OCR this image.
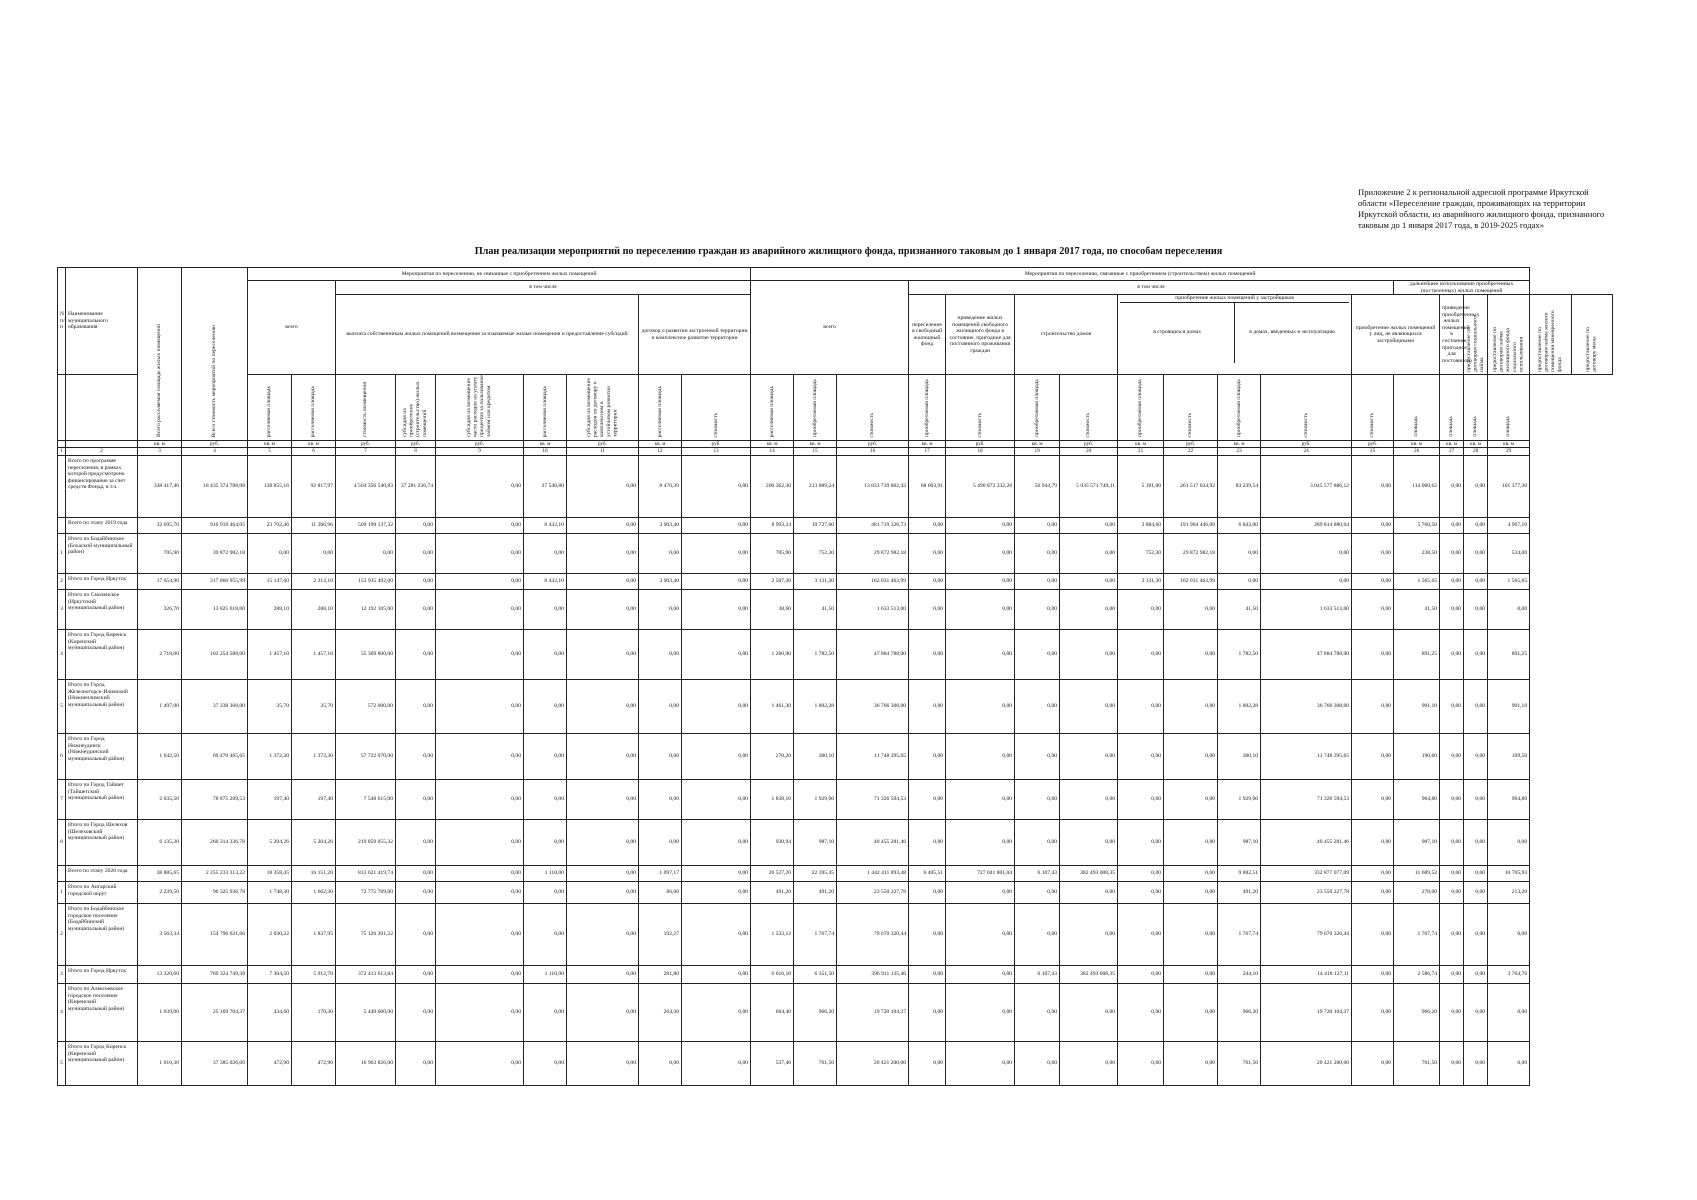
Приложение 2 к региональной адресной программе Иркутской области «Переселение граждан, проживающих на территории Иркутской области, из аварийного жилищного фонда, признанного таковым до 1 января 2017 года, в 2019-2025 годах»
План реализации мероприятий по переселению граждан из аварийного жилищного фонда, признанного таковым до 1 января 2017 года, по способам переселения
N п/п	Наименование муниципального образования	Всего расселяемая площадь жилых помещений	Всего стоимость мероприятий по переселению	Мероприятия по переселению, не связанные с приобретением жилых помещений									Мероприятия по переселению, связанные с приобретением (строительством) жилых помещений																	
				всего		в том числе							всего			в том числе									дальнейшее использование приобретенных (построенных) жилых помещений					
						выплата собственникам жилых помещений возмещения за изымаемые жилые помещения и предоставление субсидий					договор о развитии застроенной территории и комплексное развитие территории					переселение в свободный жилищный фонд	приведение жилых помещений свободного жилищного фонда в состояние, пригодное для постоянного проживания граждан	строительство домов		приобретение жилых помещений у застройщиков
в строящихся домах в домах, введенных в эксплуатацию				приобретение жилых помещений у лиц, не являющихся застройщиками		приведение приобретенных жилых помещений в состояние, пригодное для постоянного	предоставление по договорам социального найма	предоставление по договорам найма жилищного фонда социального использования	предоставление по договорам найма жилого помещения маневренного фонда	предоставление по договору мены
				расселяемая площадь	расселяемая площадь	стоимость возмещения	субсидия на приобретение (строительство) жилых помещений	субсидия на возмещение части расходов на уплату процентов за пользование займом или кредитом	расселяемая площадь	субсидия на возмещение расходов по договору о комплексном и устойчивом развитии территории	расселяемая площадь	стоимость	расселяемая площадь	приобретаемая площадь	стоимость	приобретаемая площадь	стоимость	приобретаемая площадь	стоимость	приобретаемая площадь	стоимость	приобретаемая площадь	стоимость	стоимость	площадь	площадь	площадь	площадь		
		кв. м	руб.	кв. м	кв. м	руб.	руб.	руб.	кв. м	руб.	кв. м	руб.	кв. м	кв. м	руб.	кв. м	руб.	кв. м	руб.	кв. м	руб.	кв. м	руб.	руб.	кв. м	кв. м	кв. м	кв. м		
1	2	3	4	5	6	7	8	9	10	11	12	13	14	15	16	17	18	19	20	21	22	23	24	25	26	27	28	29		
	Всего по программе переселения, в рамках которой предусмотрено финансирование за счет средств Фонда, в т.ч.	338 417,46	18 435 374 788,08	138 855,16	92 817,97	4 564 356 540,83	37 281 236,74	0,00	37 540,80	0,00	8 476,39	0,00	200 362,30	213 889,24	13 833 739 802,43	68 603,91	5 490 872 332,28	56 944,79	5 035 571 749,11	5 101,00	261 517 034,92	83 239,54	3 045 577 886,12	0,00	114 000,62	0,00	0,00	101 377,30		
	Всего по этапу 2019 года	32 695,70	910 918 464,05	23 702,46	11 366,96	509 199 137,32	0,00	0,00	8 432,10	0,00	3 903,40	0,00	8 993,24	10 727,60	481 719 326,73	0,00	0,00	0,00	0,00	3 884,60	191 904 446,09	6 843,00	289 814 880,64	0,00	5 760,50	0,00	0,00	4 967,10		
1	Итого по Бодайбинское (Бохаский муниципальный район)	705,90	39 872 982,18	0,00	0,00	0,00	0,00	0,00	0,00	0,00	0,00	0,00	705,90	752,30	29 872 982,18	0,00	0,00	0,00	0,00	752,30	29 872 982,18	0,00	0,00	0,00	238,50	0,00	0,00	534,00		
2	Итого по Город Иркутск	17 654,90	317 866 955,99	15 147,60	2 312,10	153 935 492,00	0,00	0,00	8 432,10	0,00	3 903,40	0,00	2 507,30	3 131,30	162 031 463,99	0,00	0,00	0,00	0,00	3 131,30	162 031 463,99	0,00	0,00	0,00	1 565,65	0,00	0,00	1 565,65		
3	Итого по Смоленское (Иркутский муниципальный район)	326,70	13 825 618,00	288,10	288,10	12 192 105,00	0,00	0,00	0,00	0,00	0,00	0,00	38,60	41,50	1 633 513,00	0,00	0,00	0,00	0,00	0,00	0,00	41,50	1 633 513,00	0,00	41,50	0,00	0,00	0,00		
4	Итого по Город Киренск (Киренский муниципальный район)	2 718,00	103 254 588,00	1 457,10	1 457,10	55 369 800,00	0,00	0,00	0,00	0,00	0,00	0,00	1 260,90	1 782,50	47 884 788,00	0,00	0,00	0,00	0,00	0,00	0,00	1 782,50	47 884 788,00	0,00	891,25	0,00	0,00	891,25		
5	Итого по Город Железногорск-Илимский (Нижнеилимский муниципальный район)	1 497,00	37 338 308,00	35,70	35,70	572 000,00	0,00	0,00	0,00	0,00	0,00	0,00	1 461,30	1 802,28	36 766 308,00	0,00	0,00	0,00	0,00	0,00	0,00	1 802,28	36 766 308,00	0,00	901,10	0,00	0,00	901,10		
6	Итого по Город Нижнеудинск (Нижнеудинский муниципальный район)	1 642,50	69 470 465,65	1 372,30	1 372,30	57 722 070,00	0,00	0,00	0,00	0,00	0,00	0,00	270,20	300,10	11 748 395,65	0,00	0,00	0,00	0,00	0,00	0,00	300,10	11 748 395,65	0,00	190,60	0,00	0,00	109,50		
7	Итого по Город Тайшет (Тайшетский муниципальный район)	2 035,50	78 875 209,53	197,40	197,40	7 548 615,00	0,00	0,00	0,00	0,00	0,00	0,00	1 838,10	1 929,60	71 326 594,53	0,00	0,00	0,00	0,00	0,00	0,00	1 929,60	71 326 594,53	0,00	964,80	0,00	0,00	964,80		
8	Итого по Город Шелехов (Шелеховский муниципальный район)	6 135,20	260 314 336,78	5 204,26	5 204,26	219 859 055,32	0,00	0,00	0,00	0,00	0,00	0,00	930,94	987,10	40 455 281,46	0,00	0,00	0,00	0,00	0,00	0,00	987,10	40 455 281,46	0,00	987,10	0,00	0,00	0,00		
	Всего по этапу 2020 года	38 885,65	2 255 233 313,22	18 358,45	16 151,20	813 621 419,74	0,00	0,00	1 110,00	0,00	1 097,17	0,00	20 527,20	22 395,45	1 442 411 893,48	6 405,51	727 041 801,04	6 107,43	382 493 008,35	0,00	0,00	9 882,51	332 877 077,09	0,00	11 689,52	0,00	0,00	10 705,93		
1	Итого по Ангарский городской округ	2 239,50	96 325 936,78	1 748,30	1 662,30	72 775 709,00	0,00	0,00	0,00	0,00	86,00	0,00	491,20	491,20	23 550 227,78	0,00	0,00	0,00	0,00	0,00	0,00	491,20	23 550 227,78	0,00	278,00	0,00	0,00	213,20		
2	Итого по Бодайбинское городское поселение (Бодайбинский муниципальный район)	3 563,34	154 796 621,66	2 030,22	1 837,95	75 126 301,22	0,00	0,00	0,00	0,00	192,27	0,00	1 533,12	1 767,74	79 670 320,44	0,00	0,00	0,00	0,00	0,00	0,00	1 767,74	79 670 320,44	0,00	1 767,74	0,00	0,00	0,00		
3	Итого по Город Иркутск	13 320,60	769 324 749,38	7 304,50	5 912,70	372 413 613,84	0,00	0,00	1 110,00	0,00	281,80	0,00	6 016,10	6 351,50	396 911 135,46	0,00	0,00	6 107,43	382 493 008,35	0,00	0,00	244,10	14 418 127,11	0,00	2 586,74	0,00	0,00	3 764,76		
4	Итого по Алексеевское городское поселение (Киренский муниципальный район)	1 039,00	25 169 704,37	434,60	170,30	5 449 600,00	0,00	0,00	0,00	0,00	264,30	0,00	604,40	966,20	19 720 104,37	0,00	0,00	0,00	0,00	0,00	0,00	966,20	19 720 104,37	0,00	966,20	0,00	0,00	0,00		
5	Итого по Город Киренск (Киренский муниципальный район)	1 010,30	37 385 026,00	472,90	472,90	16 963 826,00	0,00	0,00	0,00	0,00	0,00	0,00	537,40	761,50	20 421 200,00	0,00	0,00	0,00	0,00	0,00	0,00	761,50	20 421 200,00	0,00	761,50	0,00	0,00	0,00		
